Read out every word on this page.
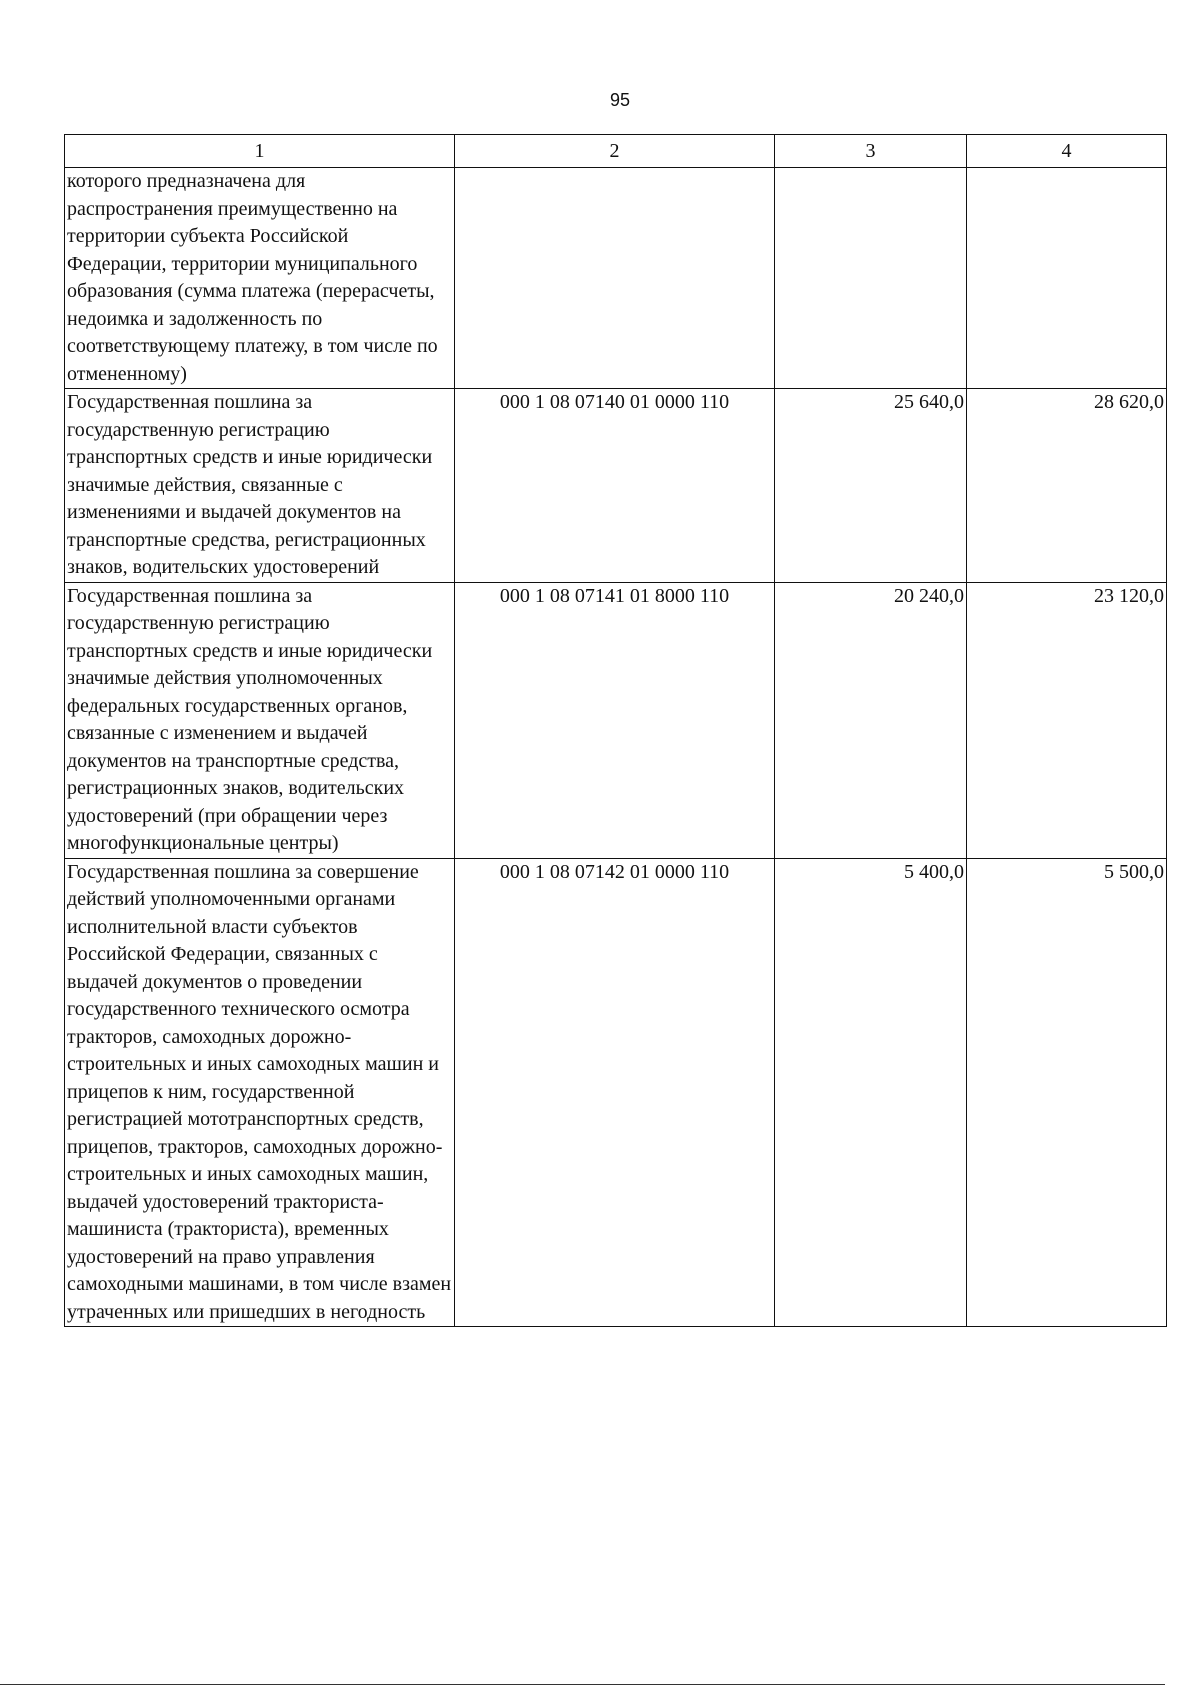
95
1	2	3	4
которого предназначена для распространения преимущественно на территории субъекта Российской Федерации, территории муниципального образования (сумма платежа (перерасчеты, недоимка и задолженность по соответствующему платежу, в том числе по отмененному)			
Государственная пошлина за государственную регистрацию транспортных средств и иные юридически значимые действия, связанные с изменениями и выдачей документов на транспортные средства, регистрационных знаков, водительских удостоверений	000 1 08 07140 01 0000 110	25 640,0	28 620,0
Государственная пошлина за государственную регистрацию транспортных средств и иные юридически значимые действия уполномоченных федеральных государственных органов, связанные с изменением и выдачей документов на транспортные средства, регистрационных знаков, водительских удостоверений (при обращении через многофункциональные центры)	000 1 08 07141 01 8000 110	20 240,0	23 120,0
Государственная пошлина за совершение действий уполномоченными органами исполнительной власти субъектов Российской Федерации, связанных с выдачей документов о проведении государственного технического осмотра тракторов, самоходных дорожно-строительных и иных самоходных машин и прицепов к ним, государственной регистрацией мототранспортных средств, прицепов, тракторов, самоходных дорожно-строительных и иных самоходных машин, выдачей удостоверений тракториста-машиниста (тракториста), временных удостоверений на право управления самоходными машинами, в том числе взамен утраченных или пришедших в негодность	000 1 08 07142 01 0000 110	5 400,0	5 500,0
